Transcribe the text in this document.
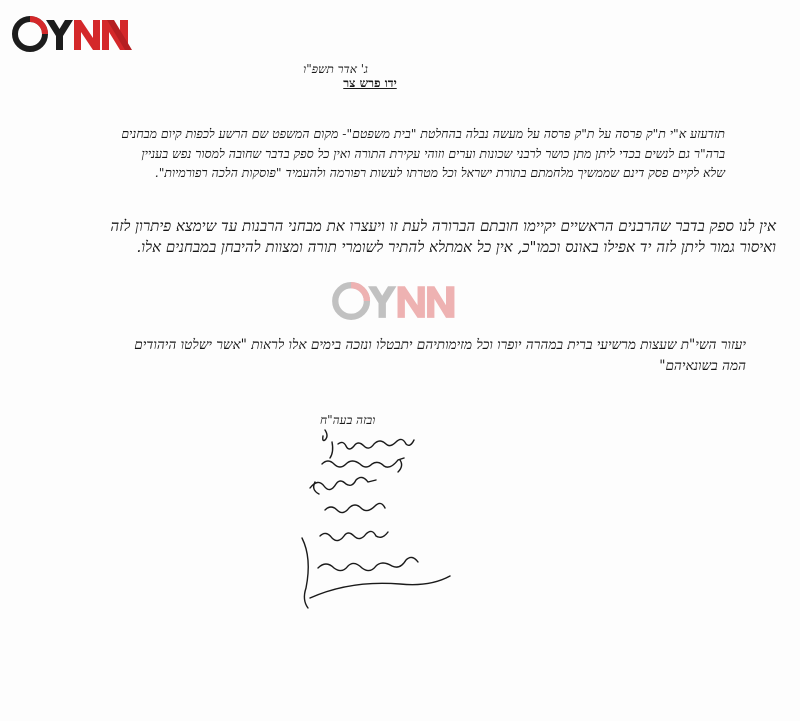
ג' אדר תשפ"ו
ידו פרש צר
תזדעזע א"י ת"ק פרסה על ת"ק פרסה על מעשה נבלה בהחלטת "בית משפטם"- מקום המשפט שם הרשע לכפות קיום מבחנים ברה"ר גם לנשים בכדי ליתן מתן כושר לרבני שכונות וערים וזוהי עקירת התורה ואין כל ספק בדבר שחובה למסור נפש בעניין שלא לקיים פסק דינם שממשיך מלחמתם בתורת ישראל וכל מטרתו לעשות רפורמה ולהעמיד "פוסקות הלכה רפורמיות".
אין לנו ספק בדבר שהרבנים הראשיים יקיימו חובתם הברורה לעת זו ויעצרו את מבחני הרבנות עד שימצא פיתרון לזה ואיסור גמור ליתן לזה יד אפילו באונס וכמו"כ, אין כל אמתלא להתיר לשומרי תורה ומצוות להיבחן במבחנים אלו.
יעזור השי"ת שעצות מרשיעי ברית במהרה יופרו וכל מזימותיהם יתבטלו ונזכה בימים אלו לראות "אשר ישלטו היהודים המה בשונאיהם"
ובזה בעה"ח
